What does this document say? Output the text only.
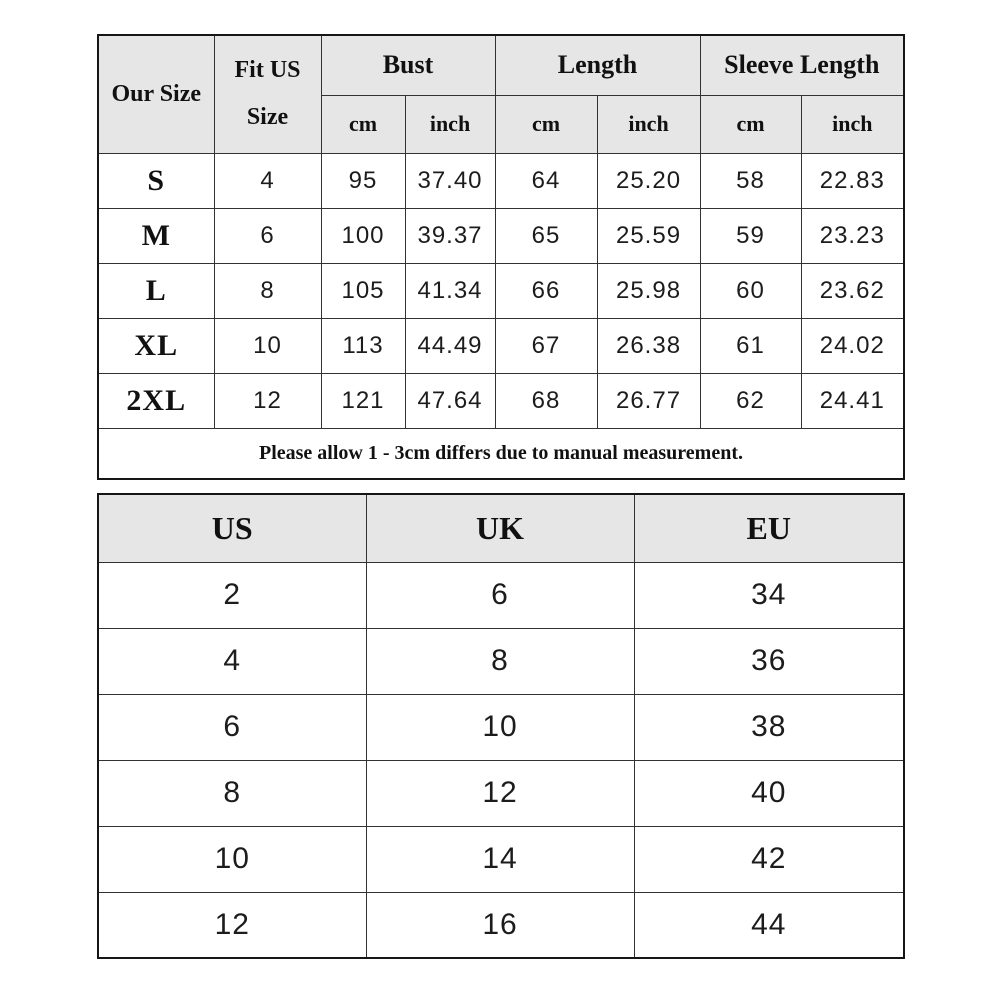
Our Size	Fit US Size	Bust		Length		Sleeve Length	
		cm	inch	cm	inch	cm	inch
S	4	95	37.40	64	25.20	58	22.83
M	6	100	39.37	65	25.59	59	23.23
L	8	105	41.34	66	25.98	60	23.62
XL	10	113	44.49	67	26.38	61	24.02
2XL	12	121	47.64	68	26.77	62	24.41
Please allow 1 - 3cm differs due to manual measurement.							
US	UK	EU
2	6	34
4	8	36
6	10	38
8	12	40
10	14	42
12	16	44
